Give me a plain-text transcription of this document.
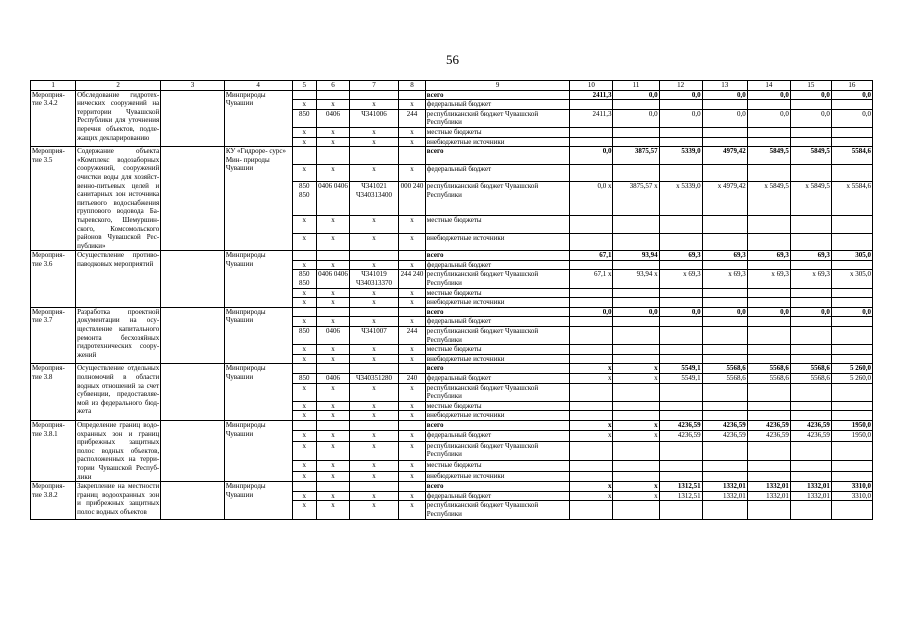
56
1	2	3	4	5	6	7	8	9	10	11	12	13	14	15	16
Мероприя- тие 3.4.2	Обследование гидротех- нических сооружений на территории Чувашской Республики для уточнения перечня объектов, подле- жащих декларированию		Минприроды Чувашии					всего	2411,3	0,0	0,0	0,0	0,0	0,0	0,0
				x	x	x	x	федеральный бюджет							
				850	0406	Ч341006	244	республиканский бюджет Чувашской Республики	2411,3	0,0	0,0	0,0	0,0	0,0	0,0
				x	x	x	x	местные бюджеты							
				x	x	x	x	внебюджетные источники							
Мероприя- тие 3.5	Содержание объекта «Комплекс водозаборных сооружений, сооружений очистки воды для хозяйст- венно-питьевых целей и санитарных зон источника питьевого водоснабжения группового водовода Ба- тыревского, Шемуршин- ского, Комсомольского районов Чувашской Рес- публики»		КУ «Гидроре- сурс» Мин- природы Чувашии					всего	0,0	3875,57	5339,0	4979,42	5849,5	5849,5	5584,6
				x	x	x	x	федеральный бюджет							
				850 850	0406 0406	Ч341021 Ч340313400	000 240	республиканский бюджет Чувашской Республики	0,0 x	3875,57 x	x 5339,0	x 4979,42	x 5849,5	x 5849,5	x 5584,6
				x	x	x	x	местные бюджеты							
				x	x	x	x	внебюджетные источники							
Мероприя- тие 3.6	Осуществление противо- паводковых мероприятий		Минприроды Чувашии					всего	67,1	93,94	69,3	69,3	69,3	69,3	305,0
				x	x	x	x	федеральный бюджет							
				850 850	0406 0406	Ч341019 Ч340313370	244 240	республиканский бюджет Чувашской Республики	67,1 x	93,94 x	x 69,3	x 69,3	x 69,3	x 69,3	x 305,0
				x	x	x	x	местные бюджеты							
				x	x	x	x	внебюджетные источники							
Мероприя- тие 3.7	Разработка проектной документации на осу- ществление капитального ремонта бесхозяйных гидротехнических соору- жений		Минприроды Чувашии					всего	0,0	0,0	0,0	0,0	0,0	0,0	0,0
				x	x	x	x	федеральный бюджет							
				850	0406	Ч341007	244	республиканский бюджет Чувашской Республики							
				x	x	x	x	местные бюджеты							
				x	x	x	x	внебюджетные источники							
Мероприя- тие 3.8	Осуществление отдельных полномочий в области водных отношений за счет субвенции, предоставляе- мой из федерального бюд- жета		Минприроды Чувашии					всего	x	x	5549,1	5568,6	5568,6	5568,6	5 260,0
				850	0406	Ч340351280	240	федеральный бюджет	x	x	5549,1	5568,6	5568,6	5568,6	5 260,0
				x	x	x	x	республиканский бюджет Чувашской Республики							
				x	x	x	x	местные бюджеты							
				x	x	x	x	внебюджетные источники							
Мероприя- тие 3.8.1	Определение границ водо- охранных зон и границ прибрежных защитных полос водных объектов, расположенных на терри- тории Чувашской Респуб- лики		Минприроды Чувашии					всего	x	x	4236,59	4236,59	4236,59	4236,59	1950,0
				x	x	x	x	федеральный бюджет	x	x	4236,59	4236,59	4236,59	4236,59	1950,0
				x	x	x	x	республиканский бюджет Чувашской Республики							
				x	x	x	x	местные бюджеты							
				x	x	x	x	внебюджетные источники							
Мероприя- тие 3.8.2	Закрепление на местности границ водоохранных зон и прибрежных защитных полос водных объектов		Минприроды Чувашии					всего	x	x	1312,51	1332,01	1332,01	1332,01	3310,0
				x	x	x	x	федеральный бюджет	x	x	1312,51	1332,01	1332,01	1332,01	3310,0
				x	x	x	x	республиканский бюджет Чувашской Республики							
